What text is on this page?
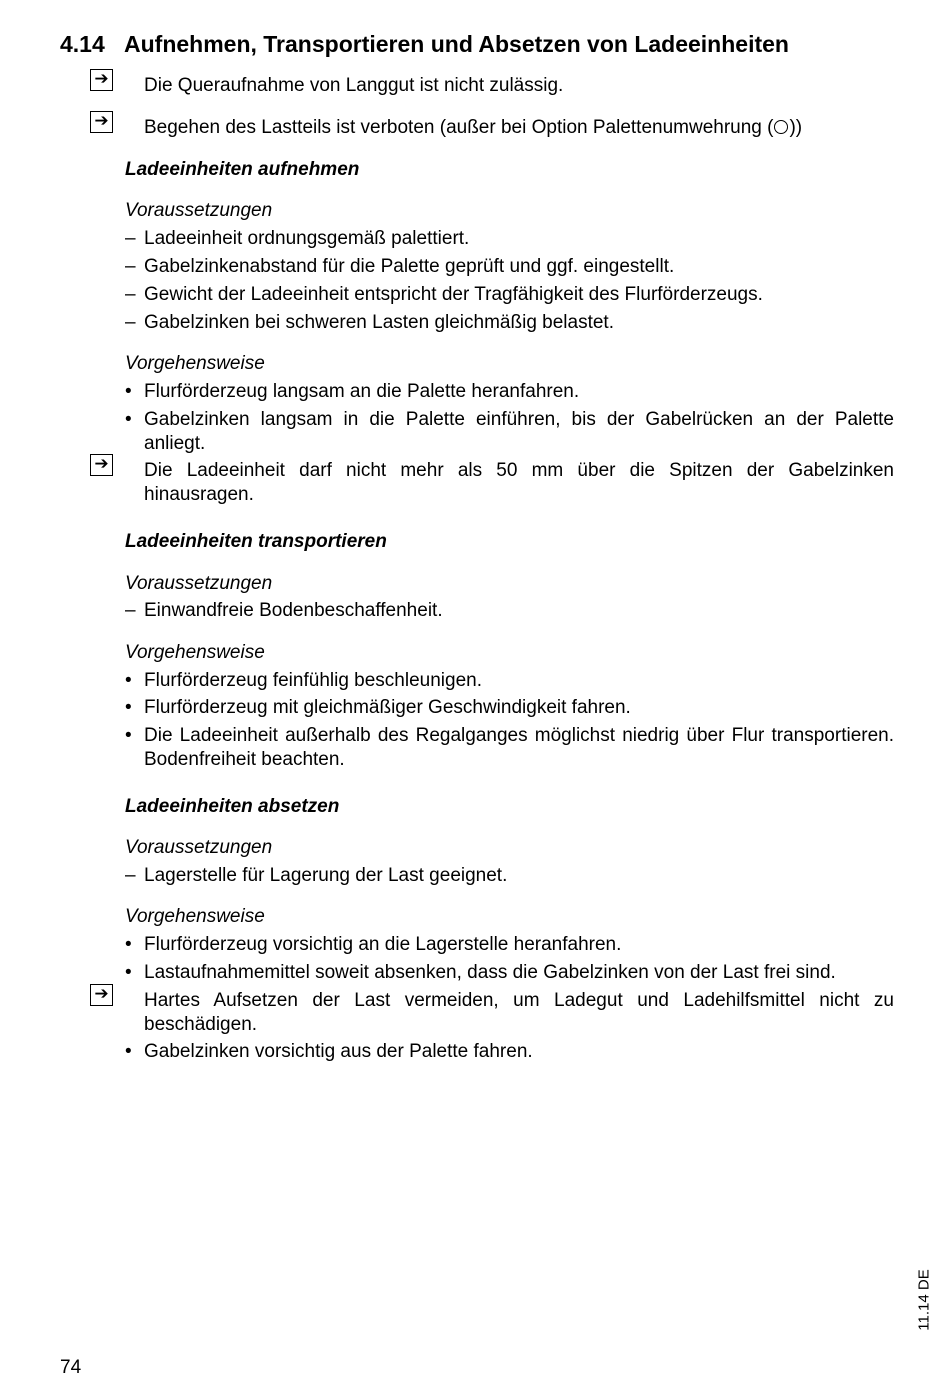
4.14 Aufnehmen, Transportieren und Absetzen von Ladeeinheiten
➔ Die Queraufnahme von Langgut ist nicht zulässig.
➔ Begehen des Lastteils ist verboten (außer bei Option Palettenumwehrung ( ))
Ladeeinheiten aufnehmen
Voraussetzungen
– Ladeeinheit ordnungsgemäß palettiert.
– Gabelzinkenabstand für die Palette geprüft und ggf. eingestellt.
– Gewicht der Ladeeinheit entspricht der Tragfähigkeit des Flurförderzeugs.
– Gabelzinken bei schweren Lasten gleichmäßig belastet.
Vorgehensweise
• Flurförderzeug langsam an die Palette heranfahren.
• Gabelzinken langsam in die Palette einführen, bis der Gabelrücken an der Palette anliegt.
➔ Die Ladeeinheit darf nicht mehr als 50 mm über die Spitzen der Gabelzinken hinausragen.
Ladeeinheiten transportieren
Voraussetzungen
– Einwandfreie Bodenbeschaffenheit.
Vorgehensweise
• Flurförderzeug feinfühlig beschleunigen.
• Flurförderzeug mit gleichmäßiger Geschwindigkeit fahren.
• Die Ladeeinheit außerhalb des Regalganges möglichst niedrig über Flur transportieren. Bodenfreiheit beachten.
Ladeeinheiten absetzen
Voraussetzungen
– Lagerstelle für Lagerung der Last geeignet.
Vorgehensweise
• Flurförderzeug vorsichtig an die Lagerstelle heranfahren.
• Lastaufnahmemittel soweit absenken, dass die Gabelzinken von der Last frei sind.
➔ Hartes Aufsetzen der Last vermeiden, um Ladegut und Ladehilfsmittel nicht zu beschädigen.
• Gabelzinken vorsichtig aus der Palette fahren.
11.14 DE
74
